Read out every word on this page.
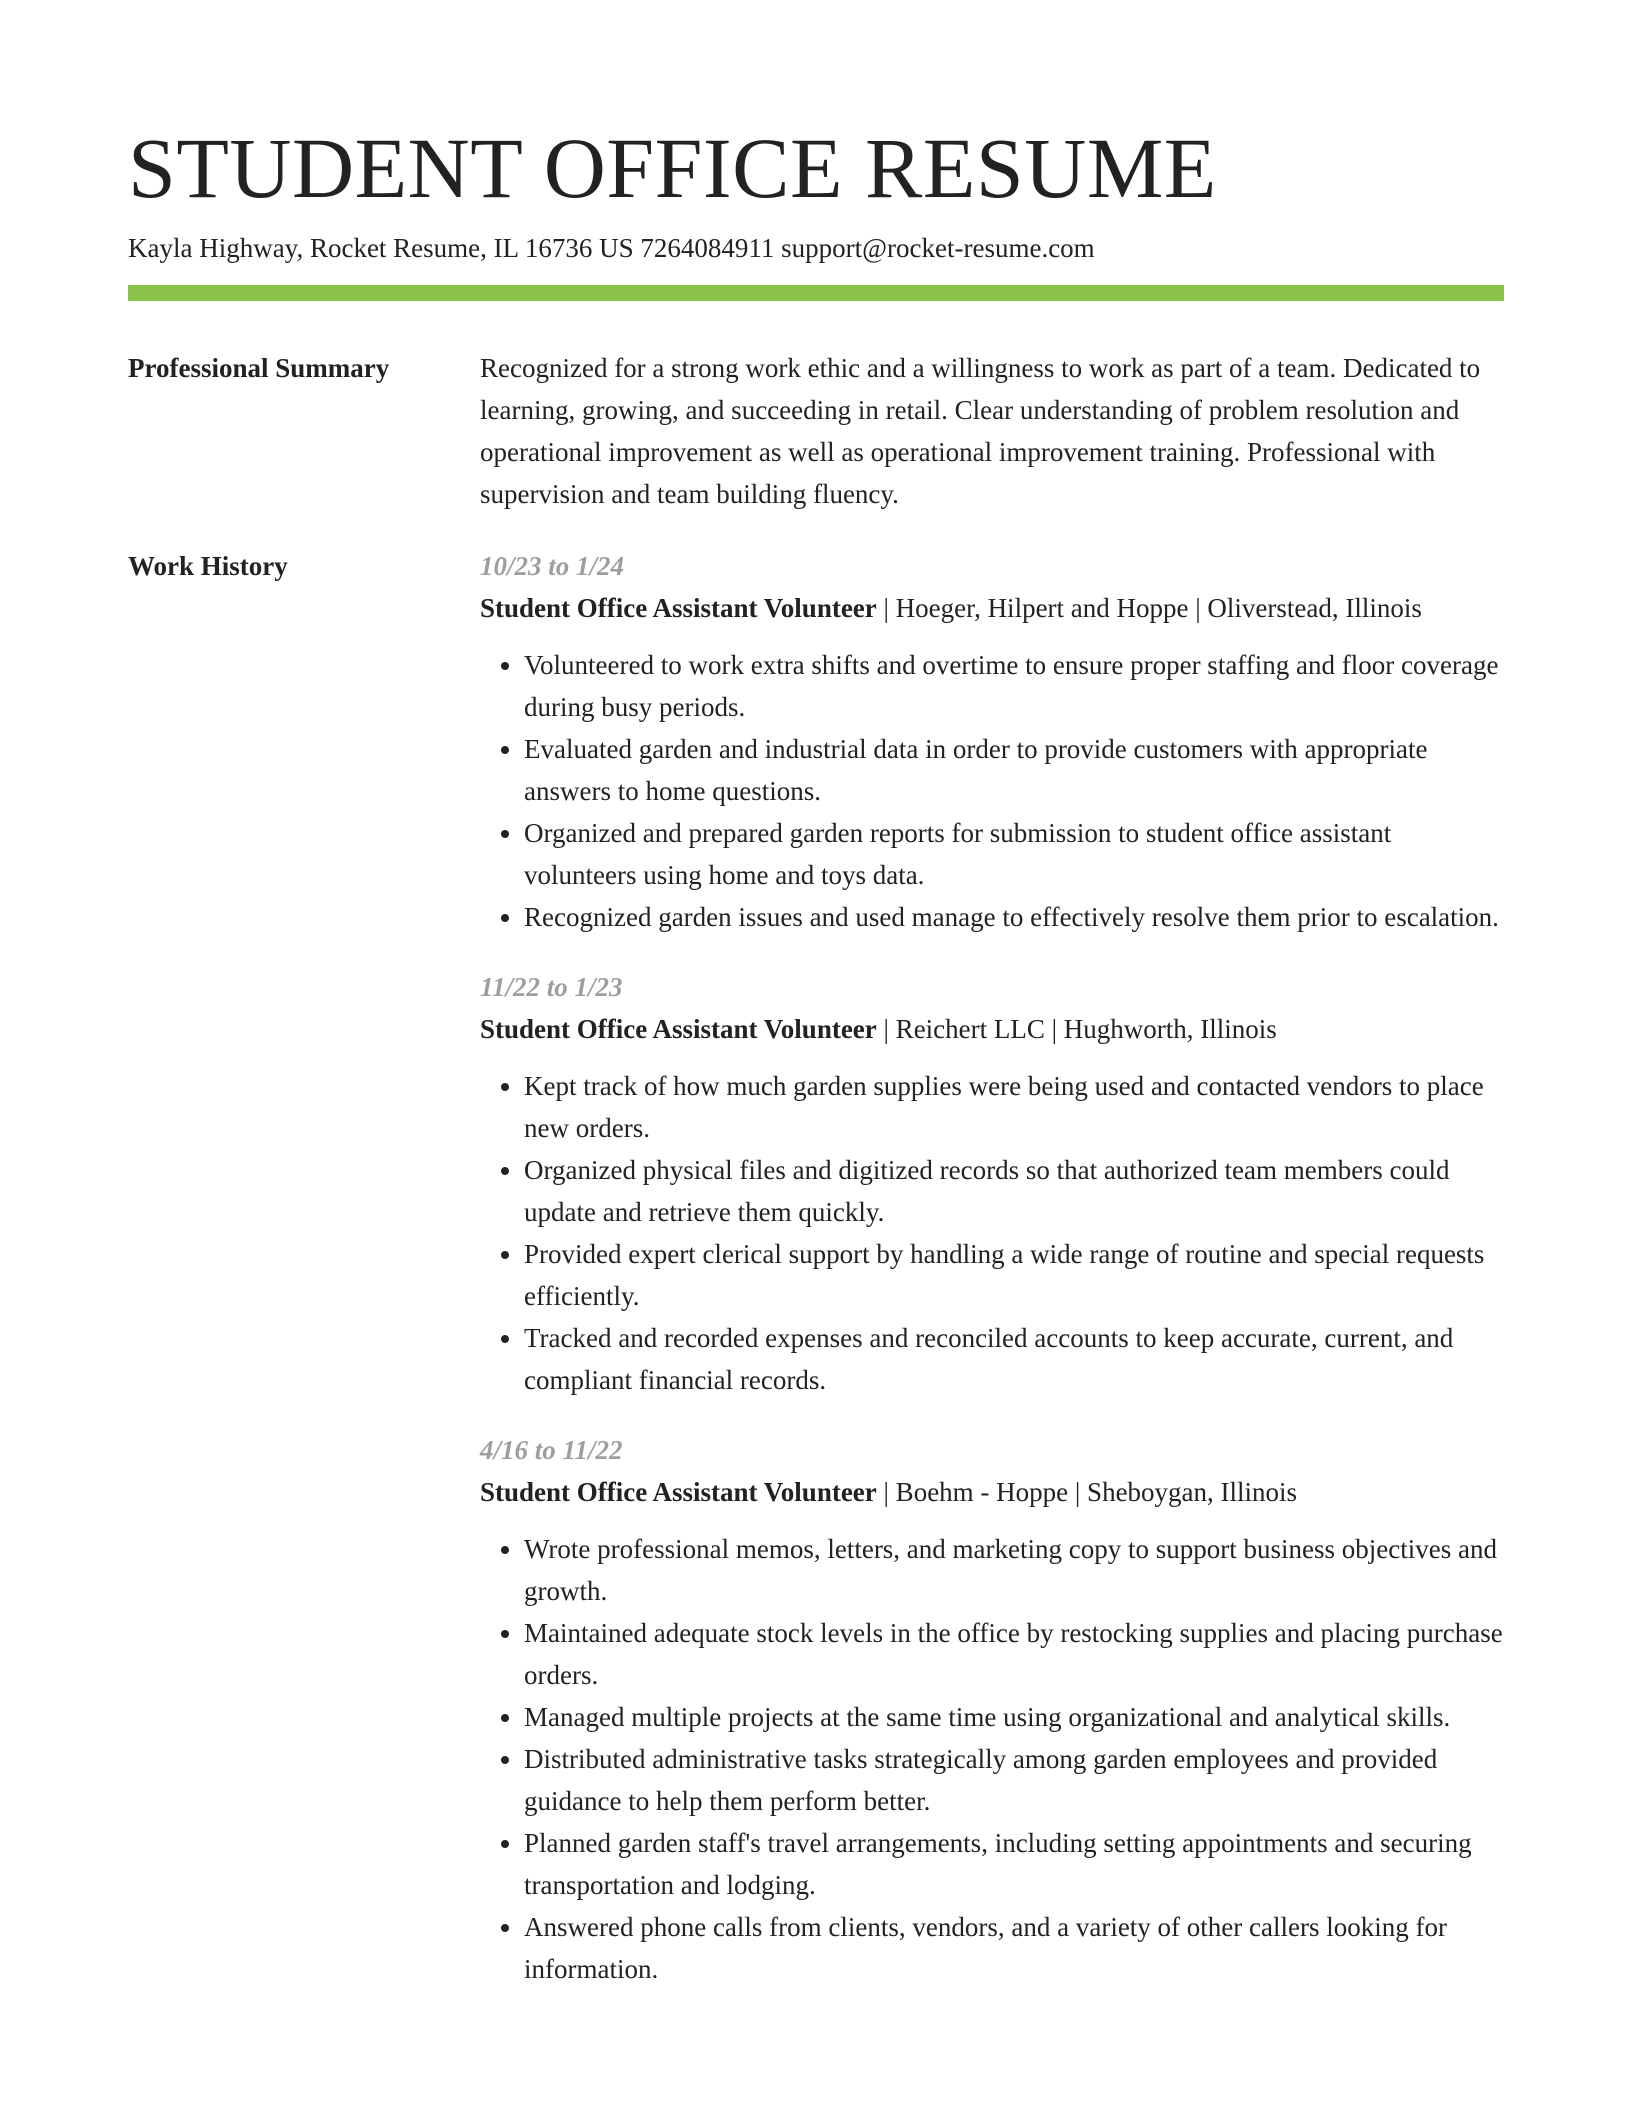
STUDENT OFFICE RESUME
Kayla Highway, Rocket Resume, IL 16736 US 7264084911 support@rocket-resume.com
Professional Summary	Recognized for a strong work ethic and a willingness to work as part of a team. Dedicated to learning, growing, and succeeding in retail. Clear understanding of problem resolution and operational improvement as well as operational improvement training. Professional with supervision and team building fluency.

Work History	10/23 to 1/24
Student Office Assistant Volunteer | Hoeger, Hilpert and Hoppe | Oliverstead, Illinois
• Volunteered to work extra shifts and overtime to ensure proper staffing and floor coverage during busy periods.
• Evaluated garden and industrial data in order to provide customers with appropriate answers to home questions.
• Organized and prepared garden reports for submission to student office assistant volunteers using home and toys data.
• Recognized garden issues and used manage to effectively resolve them prior to escalation.
11/22 to 1/23
Student Office Assistant Volunteer | Reichert LLC | Hughworth, Illinois
• Kept track of how much garden supplies were being used and contacted vendors to place new orders.
• Organized physical files and digitized records so that authorized team members could update and retrieve them quickly.
• Provided expert clerical support by handling a wide range of routine and special requests efficiently.
• Tracked and recorded expenses and reconciled accounts to keep accurate, current, and compliant financial records.
4/16 to 11/22
Student Office Assistant Volunteer | Boehm - Hoppe | Sheboygan, Illinois
• Wrote professional memos, letters, and marketing copy to support business objectives and growth.
• Maintained adequate stock levels in the office by restocking supplies and placing purchase orders.
• Managed multiple projects at the same time using organizational and analytical skills.
• Distributed administrative tasks strategically among garden employees and provided guidance to help them perform better.
• Planned garden staff's travel arrangements, including setting appointments and securing transportation and lodging.
• Answered phone calls from clients, vendors, and a variety of other callers looking for information.
